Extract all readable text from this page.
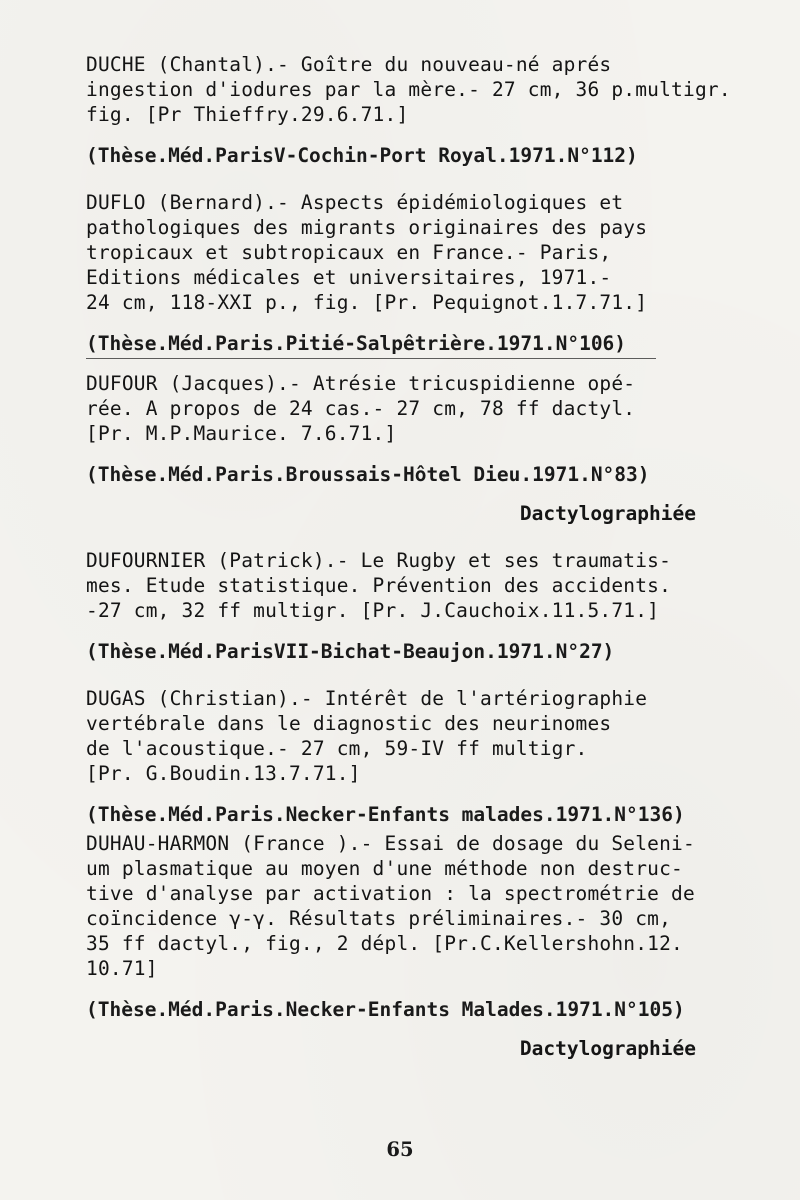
DUCHE (Chantal).- Goître du nouveau-né aprés
ingestion d'iodures par la mère.- 27 cm, 36 p.multigr.
fig. [Pr Thieffry.29.6.71.]
(Thèse.Méd.ParisV-Cochin-Port Royal.1971.N°112)
DUFLO (Bernard).- Aspects épidémiologiques et
pathologiques des migrants originaires des pays
tropicaux et subtropicaux en France.- Paris,
Editions médicales et universitaires, 1971.-
24 cm, 118-XXI p., fig. [Pr. Pequignot.1.7.71.]
(Thèse.Méd.Paris.Pitié-Salpêtrière.1971.N°106)
DUFOUR (Jacques).- Atrésie tricuspidienne opé-
rée. A propos de 24 cas.- 27 cm, 78 ff dactyl.
[Pr. M.P.Maurice. 7.6.71.]
(Thèse.Méd.Paris.Broussais-Hôtel Dieu.1971.N°83)
Dactylographiée
DUFOURNIER (Patrick).- Le Rugby et ses traumatis-
mes. Etude statistique. Prévention des accidents.
-27 cm, 32 ff multigr. [Pr. J.Cauchoix.11.5.71.]
(Thèse.Méd.ParisVII-Bichat-Beaujon.1971.N°27)
DUGAS (Christian).- Intérêt de l'artériographie
vertébrale dans le diagnostic des neurinomes
de l'acoustique.- 27 cm, 59-IV ff multigr.
[Pr. G.Boudin.13.7.71.]
(Thèse.Méd.Paris.Necker-Enfants malades.1971.N°136)
DUHAU-HARMON (France ).- Essai de dosage du Seleni-
um plasmatique au moyen d'une méthode non destruc-
tive d'analyse par activation : la spectrométrie de
coïncidence γ-γ. Résultats préliminaires.- 30 cm,
35 ff dactyl., fig., 2 dépl. [Pr.C.Kellershohn.12.
10.71]
(Thèse.Méd.Paris.Necker-Enfants Malades.1971.N°105)
Dactylographiée
65
